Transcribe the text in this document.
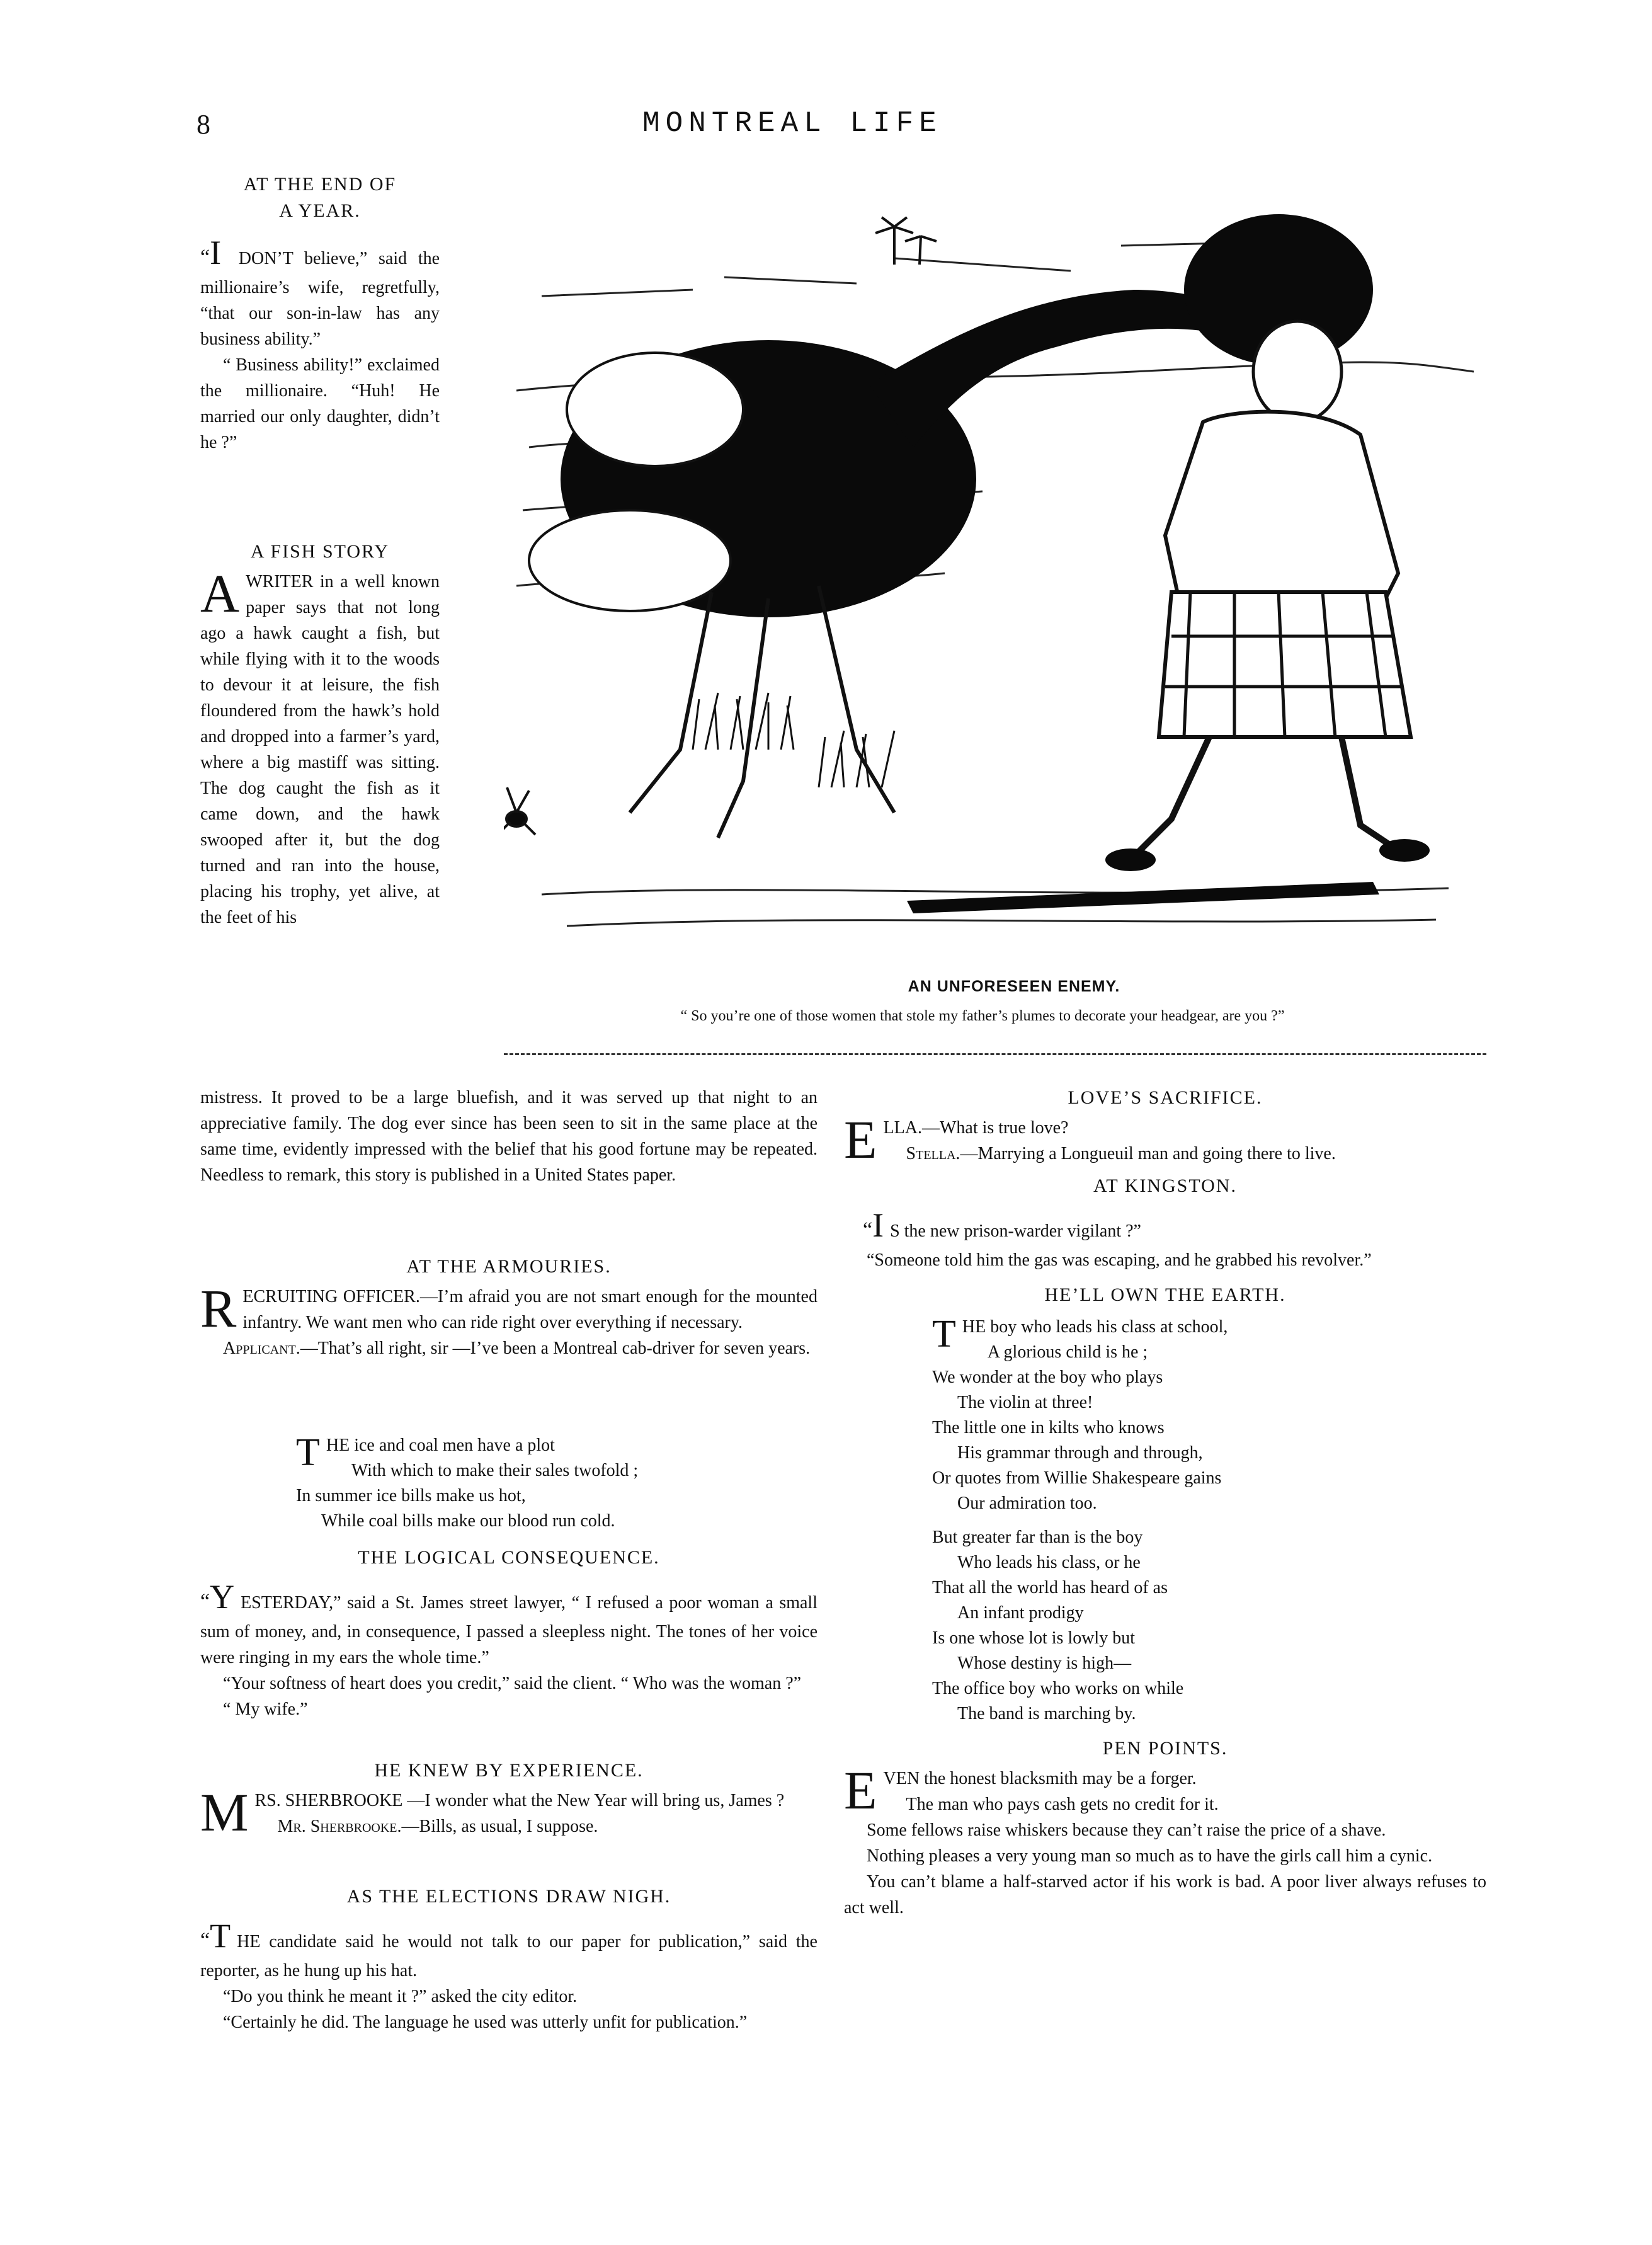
8	MONTREAL LIFE
AN UNFORESEEN ENEMY.
“ So you’re one of those women that stole my father’s plumes to decorate your headgear, are you ?”

AT THE END OF

A YEAR.

“I DON’T believe,” said the millionaire’s wife, regretfully, “that our son-in-law has any business ability.”

“ Business ability!” exclaimed the millionaire. “Huh! He married our only daughter, didn’t he ?”

A FISH STORY

A WRITER in a well known paper says that not long ago a hawk caught a fish, but while flying with it to the woods to devour it at leisure, the fish floundered from the hawk’s hold and dropped into a farmer’s yard, where a big mastiff was sitting. The dog caught the fish as it came down, and the hawk swooped after it, but the dog turned and ran into the house, placing his trophy, yet alive, at the feet of his

mistress. It proved to be a large bluefish, and it was served up that night to an appreciative family. The dog ever since has been seen to sit in the same place at the same time, evidently impressed with the belief that his good fortune may be repeated. Needless to remark, this story is published in a United States paper.

AT THE ARMOURIES.

RECRUITING OFFICER.—I’m afraid you are not smart enough for the mounted infantry. We want men who can ride right over everything if necessary.

Applicant.—That’s all right, sir —I’ve been a Montreal cab-driver for seven years.

THE ice and coal men have a plot

With which to make their sales twofold ;

In summer ice bills make us hot,

While coal bills make our blood run cold.

THE LOGICAL CONSEQUENCE.

“Y ESTERDAY,” said a St. James street lawyer, “ I refused a poor woman a small sum of money, and, in consequence, I passed a sleepless night. The tones of her voice were ringing in my ears the whole time.”

“Your softness of heart does you credit,” said the client. “ Who was the woman ?”

“ My wife.”

HE KNEW BY EXPERIENCE.

MRS. SHERBROOKE —I wonder what the New Year will bring us, James ?

Mr. Sherbrooke.—Bills, as usual, I suppose.

AS THE ELECTIONS DRAW NIGH.

“T HE candidate said he would not talk to our paper for publication,” said the reporter, as he hung up his hat.

“Do you think he meant it ?” asked the city editor.

“Certainly he did. The language he used was utterly unfit for publication.”

LOVE’S SACRIFICE.

ELLA.—What is true love?

Stella.—Marrying a Longueuil man and going there to live.

AT KINGSTON.

“I S the new prison-warder vigilant ?”

“Someone told him the gas was escaping, and he grabbed his revolver.”

HE’LL OWN THE EARTH.

THE boy who leads his class at school,

A glorious child is he ;

We wonder at the boy who plays

The violin at three!

The little one in kilts who knows

His grammar through and through,

Or quotes from Willie Shakespeare gains

Our admiration too.

But greater far than is the boy

Who leads his class, or he

That all the world has heard of as

An infant prodigy

Is one whose lot is lowly but

Whose destiny is high—

The office boy who works on while

The band is marching by.

PEN POINTS.

EVEN the honest blacksmith may be a forger.

The man who pays cash gets no credit for it.

Some fellows raise whiskers because they can’t raise the price of a shave.

Nothing pleases a very young man so much as to have the girls call him a cynic.

You can’t blame a half-starved actor if his work is bad. A poor liver always refuses to act well.
